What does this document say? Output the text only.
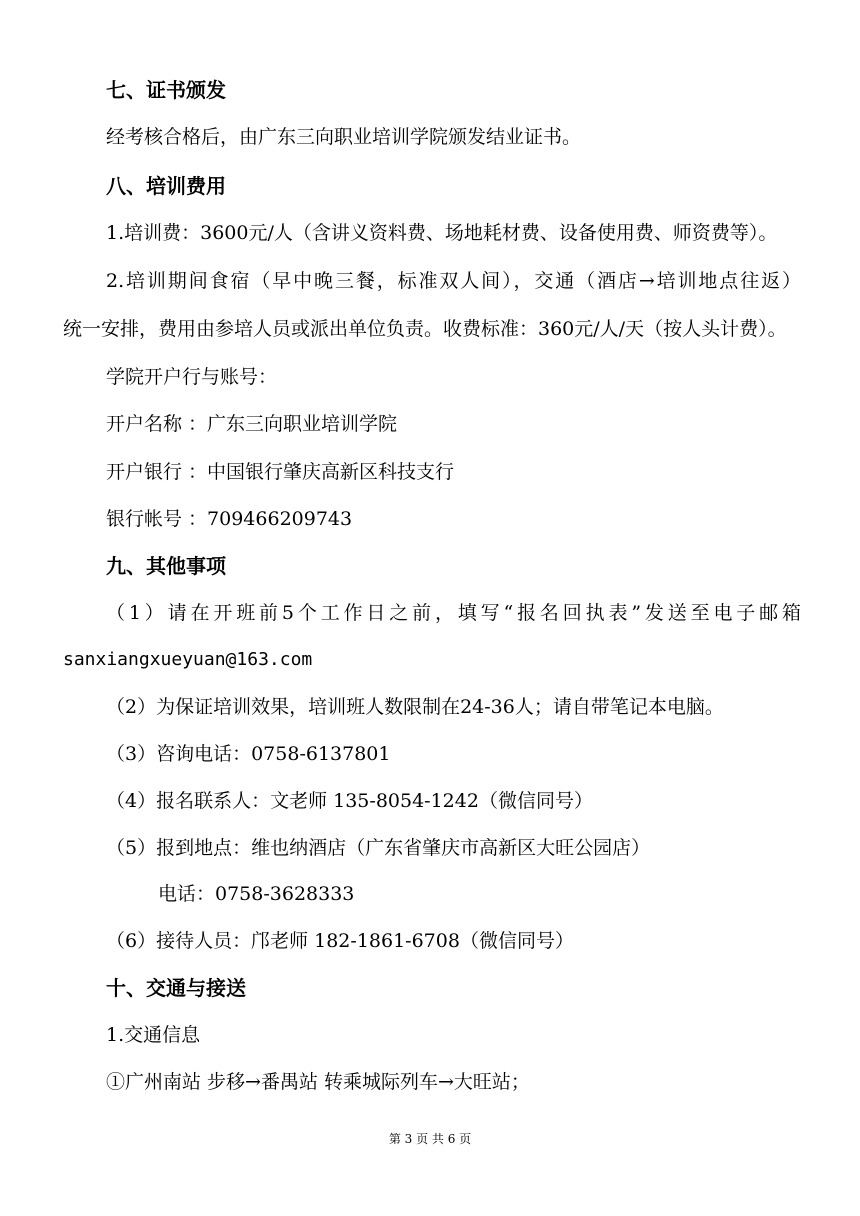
七、证书颁发
经考核合格后，由广东三向职业培训学院颁发结业证书。
八、培训费用
1.培训费：3600元/人（含讲义资料费、场地耗材费、设备使用费、师资费等）。
2.培训期间食宿（早中晚三餐，标准双人间），交通（酒店→培训地点往返）
统一安排，费用由参培人员或派出单位负责。收费标准：360元/人/天（按人头计费）。
学院开户行与账号：
开户名称 ：广东三向职业培训学院
开户银行 ：中国银行肇庆高新区科技支行
银行帐号 ：709466209743
九、其他事项
（1）请在开班前5个工作日之前，填写“报名回执表”发送至电子邮箱
sanxiangxueyuan@163.com
（2）为保证培训效果，培训班人数限制在24-36人；请自带笔记本电脑。
（3）咨询电话：0758-6137801
（4）报名联系人：文老师 135-8054-1242（微信同号）
（5）报到地点：维也纳酒店（广东省肇庆市高新区大旺公园店）
电话：0758-3628333
（6）接待人员：邝老师 182-1861-6708（微信同号）
十、交通与接送
1.交通信息
①广州南站 步移→番禺站 转乘城际列车→大旺站；
第 3 页 共 6 页
